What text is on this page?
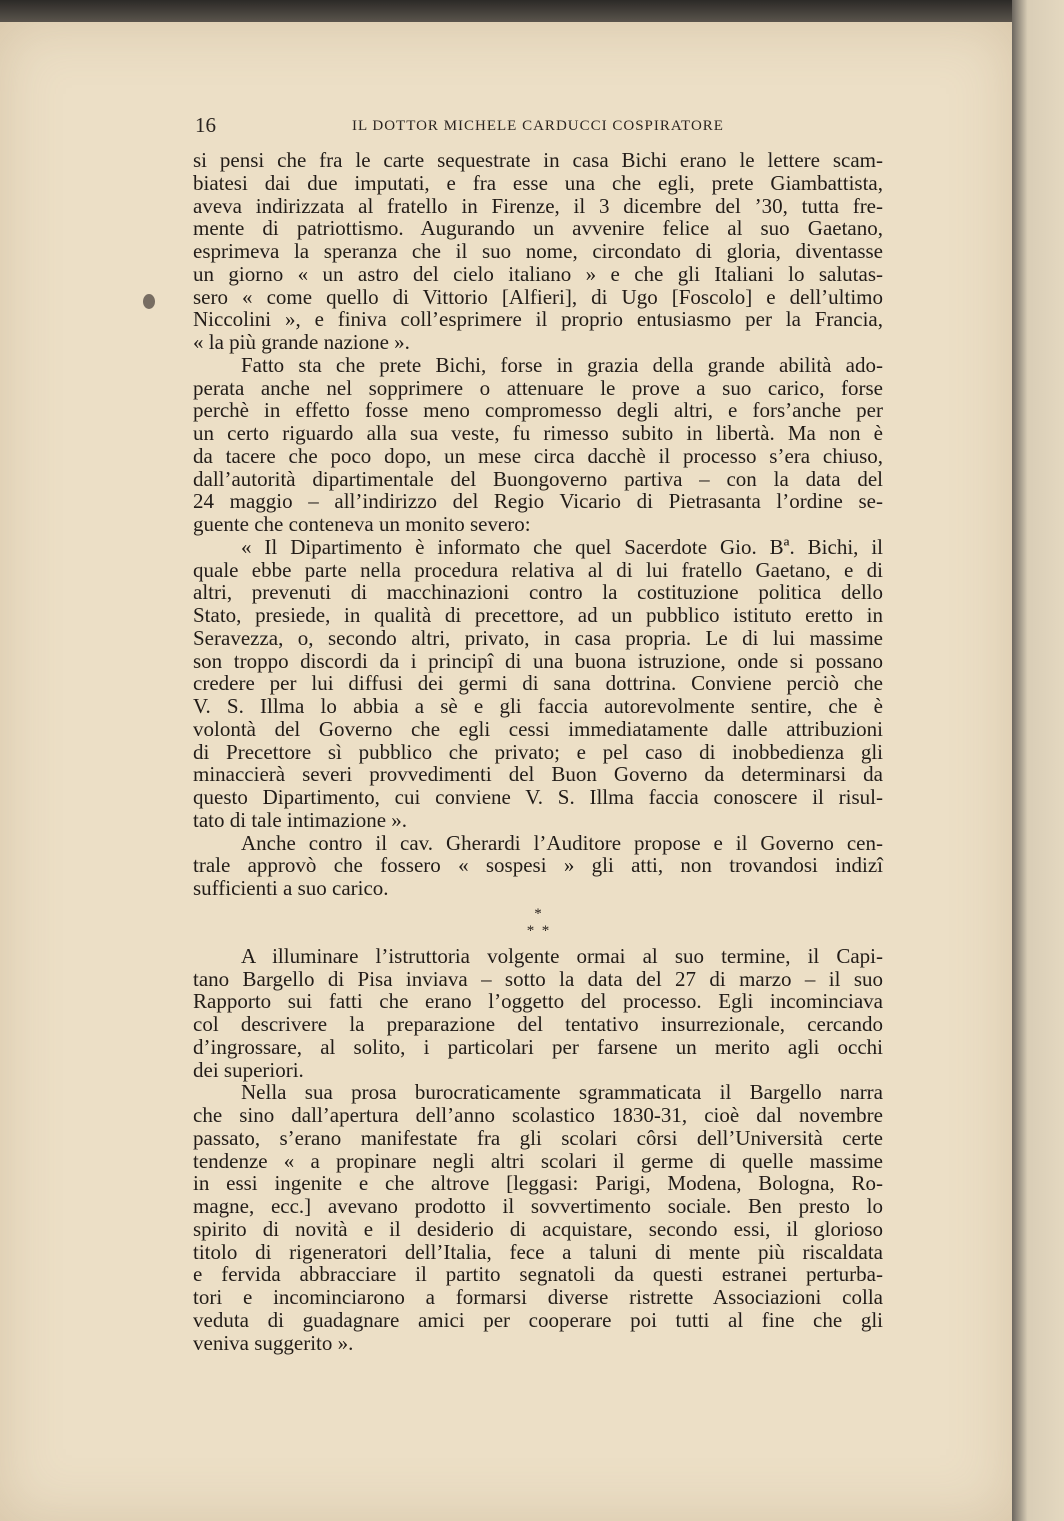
16	IL DOTTOR MICHELE CARDUCCI COSPIRATORE
si pensi che fra le carte sequestrate in casa Bichi erano le lettere scam-
biatesi dai due imputati, e fra esse una che egli, prete Giambattista,
aveva indirizzata al fratello in Firenze, il 3 dicembre del ’30, tutta fre-
mente di patriottismo. Augurando un avvenire felice al suo Gaetano,
esprimeva la speranza che il suo nome, circondato di gloria, diventasse
un giorno « un astro del cielo italiano » e che gli Italiani lo salutas-
sero « come quello di Vittorio [Alfieri], di Ugo [Foscolo] e dell’ultimo
Niccolini », e finiva coll’esprimere il proprio entusiasmo per la Francia,
« la più grande nazione ».
Fatto sta che prete Bichi, forse in grazia della grande abilità ado-
perata anche nel sopprimere o attenuare le prove a suo carico, forse
perchè in effetto fosse meno compromesso degli altri, e fors’anche per
un certo riguardo alla sua veste, fu rimesso subito in libertà. Ma non è
da tacere che poco dopo, un mese circa dacchè il processo s’era chiuso,
dall’autorità dipartimentale del Buongoverno partiva – con la data del
24 maggio – all’indirizzo del Regio Vicario di Pietrasanta l’ordine se-
guente che conteneva un monito severo:
« Il Dipartimento è informato che quel Sacerdote Gio. Bª. Bichi, il
quale ebbe parte nella procedura relativa al di lui fratello Gaetano, e di
altri, prevenuti di macchinazioni contro la costituzione politica dello
Stato, presiede, in qualità di precettore, ad un pubblico istituto eretto in
Seravezza, o, secondo altri, privato, in casa propria. Le di lui massime
son troppo discordi da i principî di una buona istruzione, onde si possano
credere per lui diffusi dei germi di sana dottrina. Conviene perciò che
V. S. Illma lo abbia a sè e gli faccia autorevolmente sentire, che è
volontà del Governo che egli cessi immediatamente dalle attribuzioni
di Precettore sì pubblico che privato; e pel caso di inobbedienza gli
minaccierà severi provvedimenti del Buon Governo da determinarsi da
questo Dipartimento, cui conviene V. S. Illma faccia conoscere il risul-
tato di tale intimazione ».
Anche contro il cav. Gherardi l’Auditore propose e il Governo cen-
trale approvò che fossero « sospesi » gli atti, non trovandosi indizî
sufficienti a suo carico.
*
*  *
A illuminare l’istruttoria volgente ormai al suo termine, il Capi-
tano Bargello di Pisa inviava – sotto la data del 27 di marzo – il suo
Rapporto sui fatti che erano l’oggetto del processo. Egli incominciava
col descrivere la preparazione del tentativo insurrezionale, cercando
d’ingrossare, al solito, i particolari per farsene un merito agli occhi
dei superiori.
Nella sua prosa burocraticamente sgrammaticata il Bargello narra
che sino dall’apertura dell’anno scolastico 1830-31, cioè dal novembre
passato, s’erano manifestate fra gli scolari côrsi dell’Università certe
tendenze « a propinare negli altri scolari il germe di quelle massime
in essi ingenite e che altrove [leggasi: Parigi, Modena, Bologna, Ro-
magne, ecc.] avevano prodotto il sovvertimento sociale. Ben presto lo
spirito di novità e il desiderio di acquistare, secondo essi, il glorioso
titolo di rigeneratori dell’Italia, fece a taluni di mente più riscaldata
e fervida abbracciare il partito segnatoli da questi estranei perturba-
tori e incominciarono a formarsi diverse ristrette Associazioni colla
veduta di guadagnare amici per cooperare poi tutti al fine che gli
veniva suggerito ».
